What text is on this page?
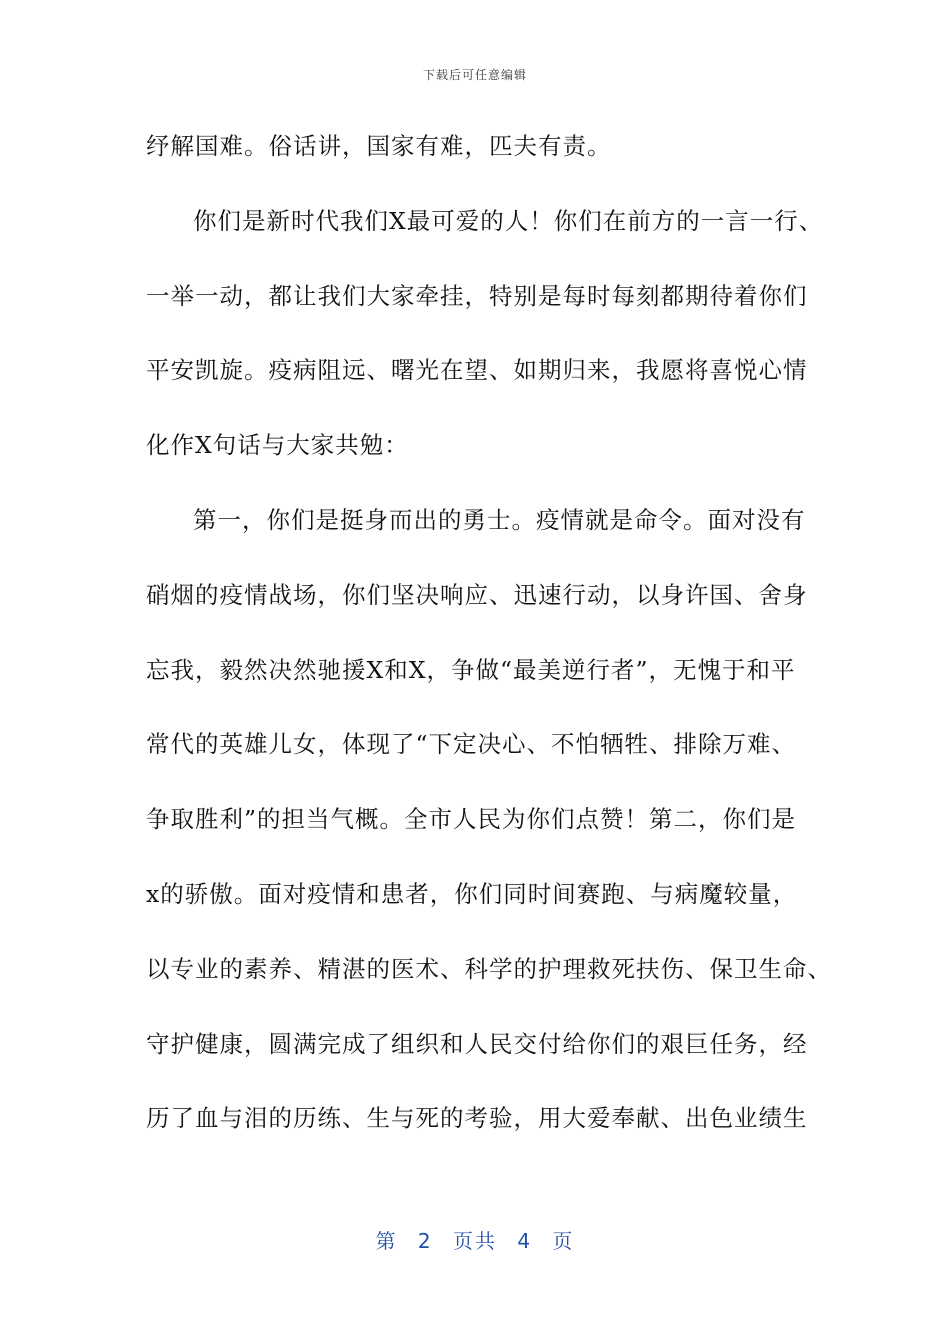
下载后可任意编辑
纾解国难。俗话讲，国家有难，匹夫有责。
你们是新时代我们X最可爱的人！你们在前方的一言一行、
一举一动，都让我们大家牵挂，特别是每时每刻都期待着你们
平安凯旋。疫病阻远、曙光在望、如期归来，我愿将喜悦心情
化作X句话与大家共勉：
第一，你们是挺身而出的勇士。疫情就是命令。面对没有
硝烟的疫情战场，你们坚决响应、迅速行动，以身许国、舍身
忘我，毅然决然驰援X和X，争做“最美逆行者”，无愧于和平
常代的英雄儿女，体现了“下定决心、不怕牺牲、排除万难、
争取胜利”的担当气概。全市人民为你们点赞！第二，你们是
x的骄傲。面对疫情和患者，你们同时间赛跑、与病魔较量，
以专业的素养、精湛的医术、科学的护理救死扶伤、保卫生命、
守护健康，圆满完成了组织和人民交付给你们的艰巨任务，经
历了血与泪的历练、生与死的考验，用大爱奉献、出色业绩生
第 2 页共 4 页
